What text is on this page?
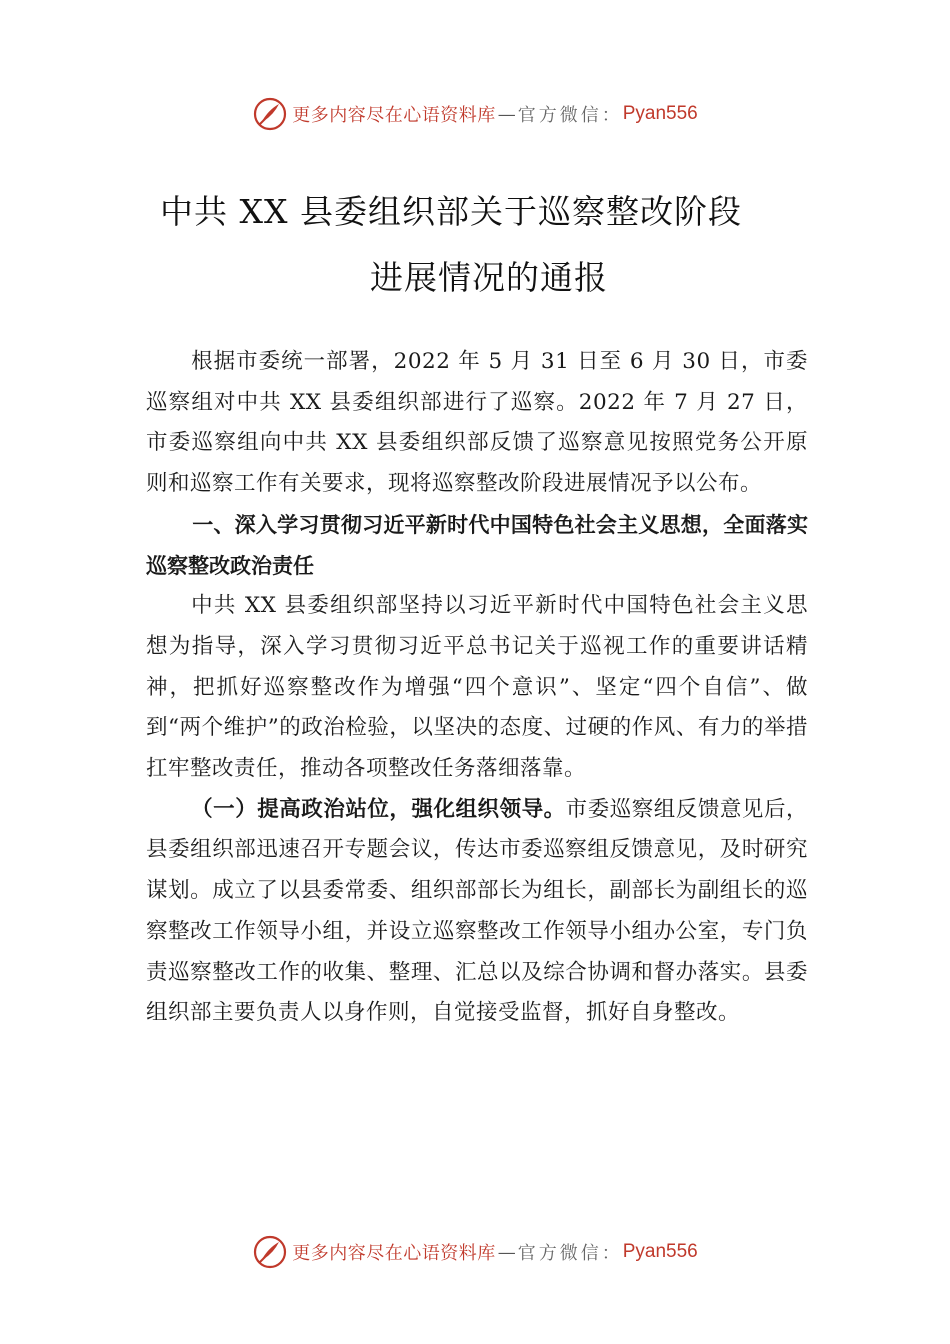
更多内容尽在心语资料库 — 官方微信： Pyan556
中共 XX 县委组织部关于巡察整改阶段
进展情况的通报

根据市委统一部署，2022 年 5 月 31 日至 6 月 30 日，市委巡察组对中共 XX 县委组织部进行了巡察。2022 年 7 月 27 日，市委巡察组向中共 XX 县委组织部反馈了巡察意见按照党务公开原则和巡察工作有关要求，现将巡察整改阶段进展情况予以公布。

一、深入学习贯彻习近平新时代中国特色社会主义思想，全面落实巡察整改政治责任

中共 XX 县委组织部坚持以习近平新时代中国特色社会主义思想为指导，深入学习贯彻习近平总书记关于巡视工作的重要讲话精神，把抓好巡察整改作为增强“四个意识”、坚定“四个自信”、做到“两个维护”的政治检验，以坚决的态度、过硬的作风、有力的举措扛牢整改责任，推动各项整改任务落细落靠。

（一）提高政治站位，强化组织领导。市委巡察组反馈意见后，县委组织部迅速召开专题会议，传达市委巡察组反馈意见，及时研究谋划。成立了以县委常委、组织部部长为组长，副部长为副组长的巡察整改工作领导小组，并设立巡察整改工作领导小组办公室，专门负责巡察整改工作的收集、整理、汇总以及综合协调和督办落实。县委组织部主要负责人以身作则，自觉接受监督，抓好自身整改。

更多内容尽在心语资料库 — 官方微信： Pyan556
